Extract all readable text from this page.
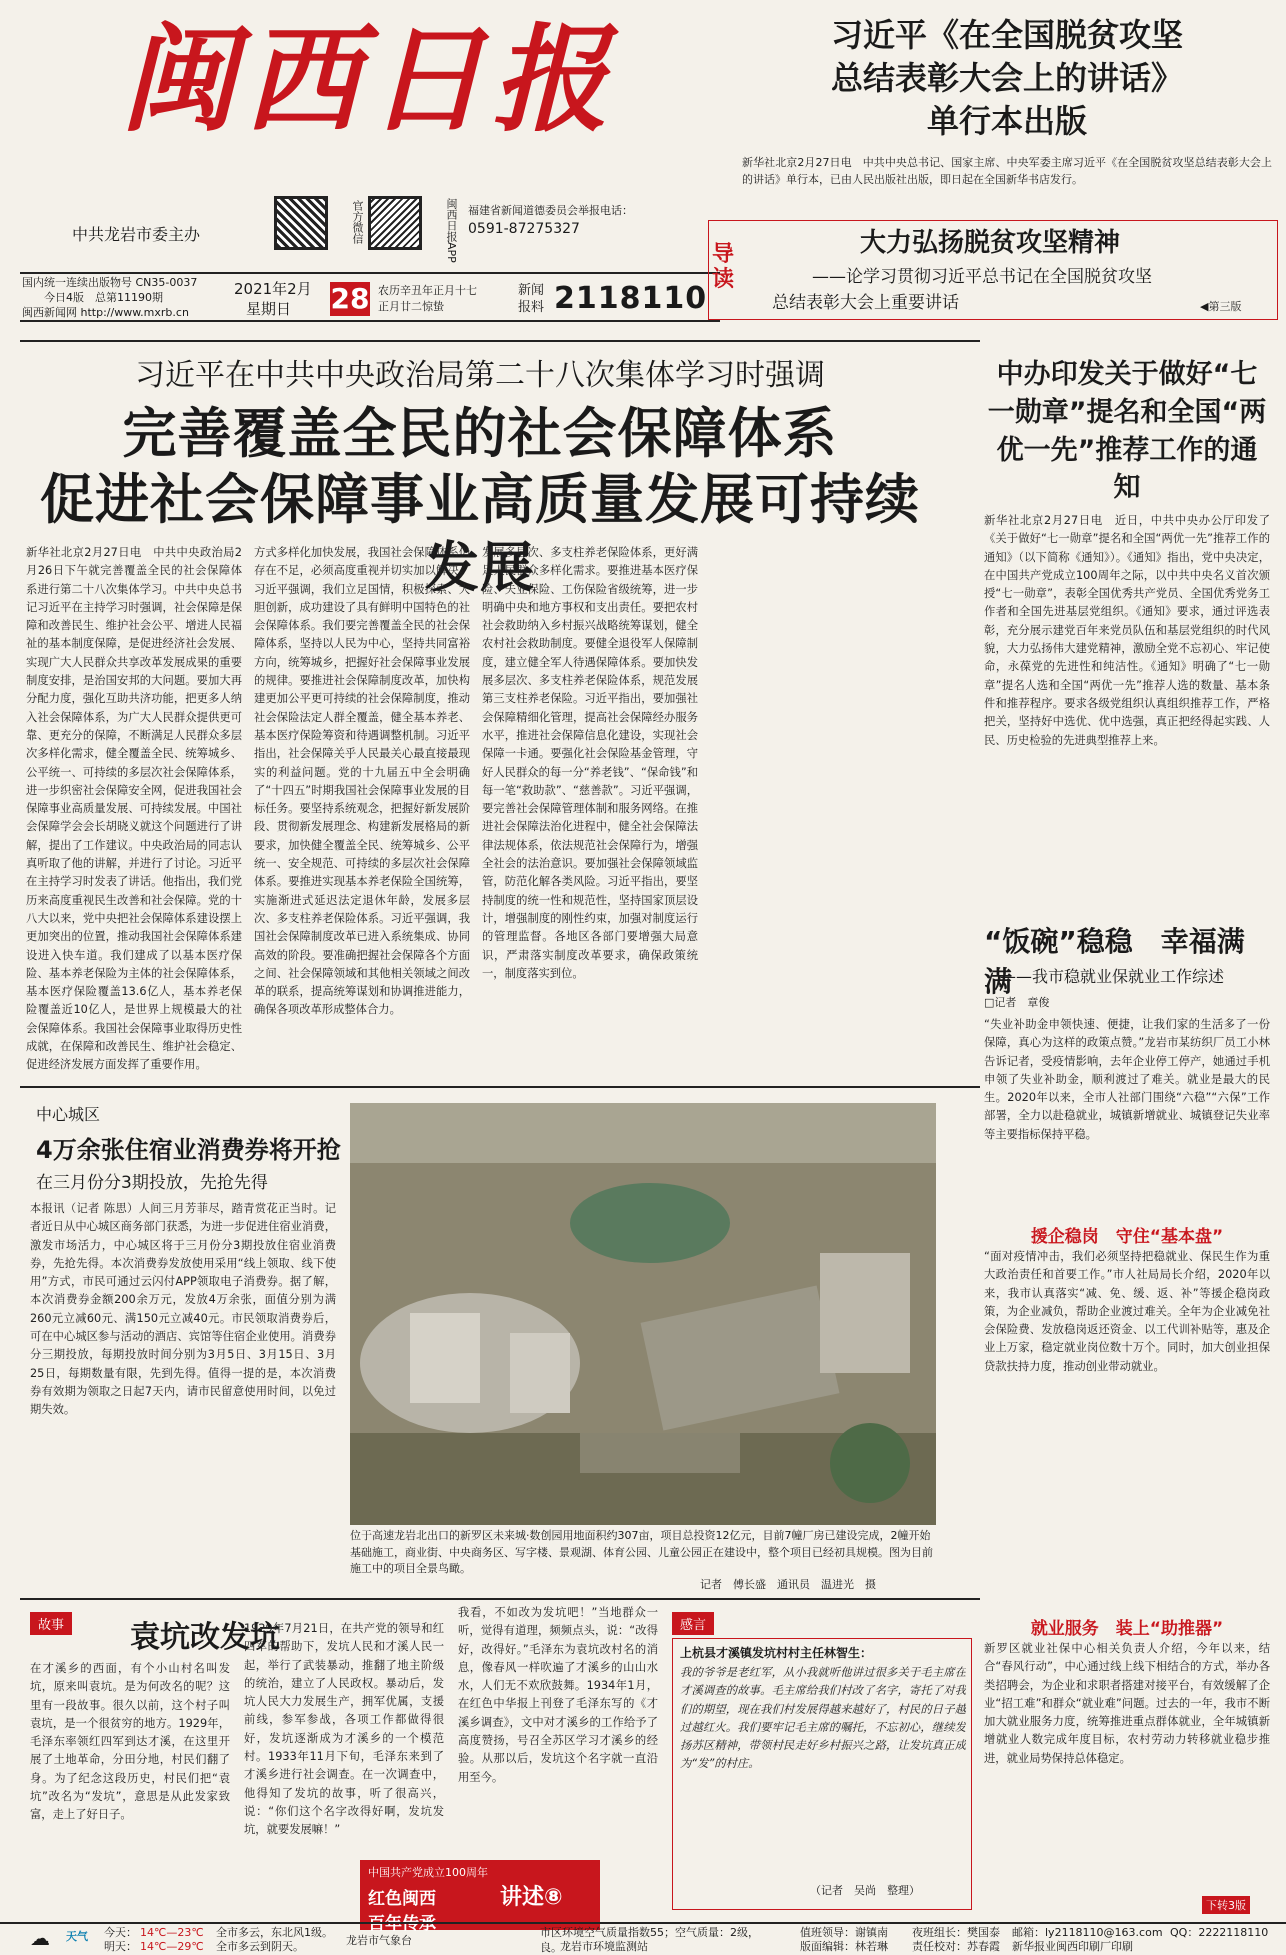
闽西日报
中共龙岩市委主办	官方微信	闽西日报APP 福建省新闻道德委员会举报电话：
0591-87275327
国内统一连续出版物号 CN35-0037
今日4版　总第11190期
闽西新闻网 http://www.mxrb.cn
2021年2月
星期日 28 农历辛丑年正月十七
正月廿二惊蛰
新闻
报料 2118110
习近平《在全国脱贫攻坚
总结表彰大会上的讲话》
单行本出版
新华社北京2月27日电　中共中央总书记、国家主席、中央军委主席习近平《在全国脱贫攻坚总结表彰大会上的讲话》单行本，已由人民出版社出版，即日起在全国新华书店发行。
导读
大力弘扬脱贫攻坚精神
——论学习贯彻习近平总书记在全国脱贫攻坚
总结表彰大会上重要讲话	◀第三版
习近平在中共中央政治局第二十八次集体学习时强调
完善覆盖全民的社会保障体系
促进社会保障事业高质量发展可持续发展
新华社北京2月27日电　中共中央政治局2月26日下午就完善覆盖全民的社会保障体系进行第二十八次集体学习。中共中央总书记习近平在主持学习时强调，社会保障是保障和改善民生、维护社会公平、增进人民福祉的基本制度保障，是促进经济社会发展、实现广大人民群众共享改革发展成果的重要制度安排，是治国安邦的大问题。要加大再分配力度，强化互助共济功能，把更多人纳入社会保障体系，为广大人民群众提供更可靠、更充分的保障，不断满足人民群众多层次多样化需求，健全覆盖全民、统筹城乡、公平统一、可持续的多层次社会保障体系，进一步织密社会保障安全网，促进我国社会保障事业高质量发展、可持续发展。中国社会保障学会会长胡晓义就这个问题进行了讲解，提出了工作建议。中央政治局的同志认真听取了他的讲解，并进行了讨论。习近平在主持学习时发表了讲话。他指出，我们党历来高度重视民生改善和社会保障。党的十八大以来，党中央把社会保障体系建设摆上更加突出的位置，推动我国社会保障体系建设进入快车道。我们建成了以基本医疗保险、基本养老保险为主体的社会保障体系，基本医疗保险覆盖13.6亿人，基本养老保险覆盖近10亿人，是世界上规模最大的社会保障体系。我国社会保障事业取得历史性成就，在保障和改善民生、维护社会稳定、促进经济发展方面发挥了重要作用。
方式多样化加快发展，我国社会保障体系仍存在不足，必须高度重视并切实加以解决。习近平强调，我们立足国情，积极探索、大胆创新，成功建设了具有鲜明中国特色的社会保障体系。我们要完善覆盖全民的社会保障体系，坚持以人民为中心，坚持共同富裕方向，统筹城乡，把握好社会保障事业发展的规律。要推进社会保障制度改革，加快构建更加公平更可持续的社会保障制度，推动社会保险法定人群全覆盖，健全基本养老、基本医疗保险筹资和待遇调整机制。习近平指出，社会保障关乎人民最关心最直接最现实的利益问题。党的十九届五中全会明确了“十四五”时期我国社会保障事业发展的目标任务。要坚持系统观念，把握好新发展阶段、贯彻新发展理念、构建新发展格局的新要求，加快健全覆盖全民、统筹城乡、公平统一、安全规范、可持续的多层次社会保障体系。要推进实现基本养老保险全国统筹，实施渐进式延迟法定退休年龄，发展多层次、多支柱养老保险体系。习近平强调，我国社会保障制度改革已进入系统集成、协同高效的阶段。要准确把握社会保障各个方面之间、社会保障领域和其他相关领域之间改革的联系，提高统筹谋划和协调推进能力，确保各项改革形成整体合力。
发展多层次、多支柱养老保险体系，更好满足人民群众多样化需求。要推进基本医疗保险、失业保险、工伤保险省级统筹，进一步明确中央和地方事权和支出责任。要把农村社会救助纳入乡村振兴战略统筹谋划，健全农村社会救助制度。要健全退役军人保障制度，建立健全军人待遇保障体系。要加快发展多层次、多支柱养老保险体系，规范发展第三支柱养老保险。习近平指出，要加强社会保障精细化管理，提高社会保障经办服务水平，推进社会保障信息化建设，实现社会保障一卡通。要强化社会保险基金管理，守好人民群众的每一分“养老钱”、“保命钱”和每一笔“救助款”、“慈善款”。习近平强调，要完善社会保障管理体制和服务网络。在推进社会保障法治化进程中，健全社会保障法律法规体系，依法规范社会保障行为，增强全社会的法治意识。要加强社会保障领域监管，防范化解各类风险。习近平指出，要坚持制度的统一性和规范性，坚持国家顶层设计，增强制度的刚性约束，加强对制度运行的管理监督。各地区各部门要增强大局意识，严肃落实制度改革要求，确保政策统一，制度落实到位。
中办印发关于做好“七一勋章”提名和全国“两优一先”推荐工作的通知
新华社北京2月27日电　近日，中共中央办公厅印发了《关于做好“七一勋章”提名和全国“两优一先”推荐工作的通知》（以下简称《通知》）。《通知》指出，党中央决定，在中国共产党成立100周年之际，以中共中央名义首次颁授“七一勋章”，表彰全国优秀共产党员、全国优秀党务工作者和全国先进基层党组织。《通知》要求，通过评选表彰，充分展示建党百年来党员队伍和基层党组织的时代风貌，大力弘扬伟大建党精神，激励全党不忘初心、牢记使命，永葆党的先进性和纯洁性。《通知》明确了“七一勋章”提名人选和全国“两优一先”推荐人选的数量、基本条件和推荐程序。要求各级党组织认真组织推荐工作，严格把关，坚持好中选优、优中选强，真正把经得起实践、人民、历史检验的先进典型推荐上来。
“饭碗”稳稳　幸福满满
——我市稳就业保就业工作综述
□记者　章俊
“失业补助金申领快速、便捷，让我们家的生活多了一份保障，真心为这样的政策点赞。”龙岩市某纺织厂员工小林告诉记者，受疫情影响，去年企业停工停产，她通过手机申领了失业补助金，顺利渡过了难关。就业是最大的民生。2020年以来，全市人社部门围绕“六稳”“六保”工作部署，全力以赴稳就业，城镇新增就业、城镇登记失业率等主要指标保持平稳。
援企稳岗　守住“基本盘”
“面对疫情冲击，我们必须坚持把稳就业、保民生作为重大政治责任和首要工作。”市人社局局长介绍，2020年以来，我市认真落实“减、免、缓、返、补”等援企稳岗政策，为企业减负，帮助企业渡过难关。全年为企业减免社会保险费、发放稳岗返还资金、以工代训补贴等，惠及企业上万家，稳定就业岗位数十万个。同时，加大创业担保贷款扶持力度，推动创业带动就业。
就业服务　装上“助推器”
新罗区就业社保中心相关负责人介绍，今年以来，结合“春风行动”，中心通过线上线下相结合的方式，举办各类招聘会，为企业和求职者搭建对接平台，有效缓解了企业“招工难”和群众“就业难”问题。过去的一年，我市不断加大就业服务力度，统筹推进重点群体就业，全年城镇新增就业人数完成年度目标，农村劳动力转移就业稳步推进，就业局势保持总体稳定。
下转3版
中心城区
4万余张住宿业消费券将开抢
在三月份分3期投放，先抢先得
本报讯（记者 陈思）人间三月芳菲尽，踏青赏花正当时。记者近日从中心城区商务部门获悉，为进一步促进住宿业消费，激发市场活力，中心城区将于三月份分3期投放住宿业消费券，先抢先得。本次消费券发放使用采用“线上领取、线下使用”方式，市民可通过云闪付APP领取电子消费券。据了解，本次消费券金额200余万元，发放4万余张，面值分别为满260元立减60元、满150元立减40元。市民领取消费券后，可在中心城区参与活动的酒店、宾馆等住宿企业使用。消费券分三期投放，每期投放时间分别为3月5日、3月15日、3月25日，每期数量有限，先到先得。值得一提的是，本次消费券有效期为领取之日起7天内，请市民留意使用时间，以免过期失效。
位于高速龙岩北出口的新罗区未来城·数创园用地面积约307亩，项目总投资12亿元，目前7幢厂房已建设完成，2幢开始基础施工，商业街、中央商务区、写字楼、景观湖、体育公园、儿童公园正在建设中，整个项目已经初具规模。图为目前施工中的项目全景鸟瞰。
记者　傅长盛　通讯员　温进光　摄
故事 袁坑改发坑
在才溪乡的西面，有个小山村名叫发坑，原来叫袁坑。是为何改名的呢？这里有一段故事。很久以前，这个村子叫袁坑，是一个很贫穷的地方。1929年，毛泽东率领红四军到达才溪，在这里开展了土地革命，分田分地，村民们翻了身。为了纪念这段历史，村民们把“袁坑”改名为“发坑”，意思是从此发家致富，走上了好日子。
1929年7月21日，在共产党的领导和红四军的帮助下，发坑人民和才溪人民一起，举行了武装暴动，推翻了地主阶级的统治，建立了人民政权。暴动后，发坑人民大力发展生产，拥军优属，支援前线，参军参战，各项工作都做得很好，发坑逐渐成为才溪乡的一个模范村。1933年11月下旬，毛泽东来到了才溪乡进行社会调查。在一次调查中，他得知了发坑的故事，听了很高兴，说：“你们这个名字改得好啊，发坑发坑，就要发展嘛！”
我看，不如改为发坑吧！”当地群众一听，觉得有道理，频频点头，说：“改得好，改得好。”毛泽东为袁坑改村名的消息，像春风一样吹遍了才溪乡的山山水水，人们无不欢欣鼓舞。1934年1月，在红色中华报上刊登了毛泽东写的《才溪乡调查》，文中对才溪乡的工作给予了高度赞扬，号召全苏区学习才溪乡的经验。从那以后，发坑这个名字就一直沿用至今。
中国共产党成立100周年
红色闽西
百年传承
讲述⑧
感言
上杭县才溪镇发坑村村主任林智生：
我的爷爷是老红军，从小我就听他讲过很多关于毛主席在才溪调查的故事。毛主席给我们村改了名字，寄托了对我们的期望，现在我们村发展得越来越好了，村民的日子越过越红火。我们要牢记毛主席的嘱托，不忘初心，继续发扬苏区精神，带领村民走好乡村振兴之路，让发坑真正成为“发”的村庄。
（记者　吴尚　整理）
☁	天气 今天： 14℃—23℃ 全市多云，东北风1级。
明天： 14℃—29℃ 全市多云到阴天。	龙岩市气象台
市区环境空气质量指数55；空气质量：2级，良。
龙岩市环境监测站
值班领导：谢镇南 夜班组长：樊国泰
版面编辑：林若琳 责任校对：苏春霞
邮箱：ly2118110@163.com QQ：2222118110
新华报业闽西印刷厂印刷
